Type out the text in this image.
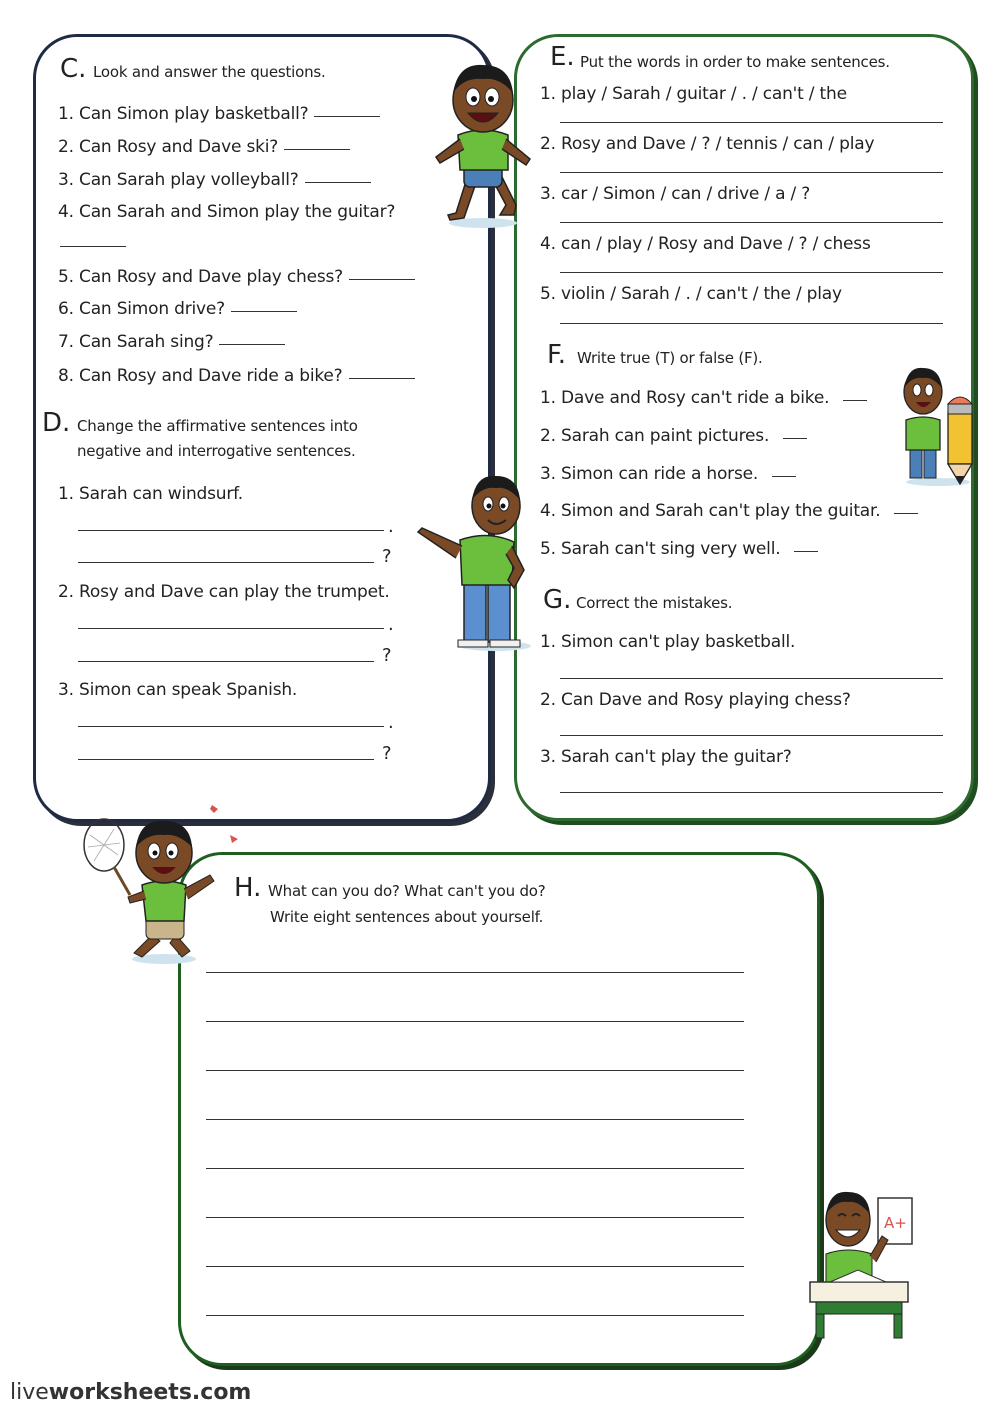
C. Look and answer the questions.
1. Can Simon play basketball?
2. Can Rosy and Dave ski?
3. Can Sarah play volleyball?
4. Can Sarah and Simon play the guitar?
5. Can Rosy and Dave play chess?
6. Can Simon drive?
7. Can Sarah sing?
8. Can Rosy and Dave ride a bike?
D. Change the affirmative sentences into
negative and interrogative sentences.
1. Sarah can windsurf.
.
?
2. Rosy and Dave can play the trumpet.
.
?
3. Simon can speak Spanish.
.
?
E. Put the words in order to make sentences.
1. play / Sarah / guitar / . / can't / the
2. Rosy and Dave / ? / tennis / can / play
3. car / Simon / can / drive / a / ?
4. can / play / Rosy and Dave / ? / chess
5. violin / Sarah / . / can't / the / play
F. Write true (T) or false (F).
1. Dave and Rosy can't ride a bike.
2. Sarah can paint pictures.
3. Simon can ride a horse.
4. Simon and Sarah can't play the guitar.
5. Sarah can't sing very well.
G. Correct the mistakes.
1. Simon can't play basketball.
2. Can Dave and Rosy playing chess?
3. Sarah can't play the guitar?
H. What can you do? What can't you do?
Write eight sentences about yourself.
A+
liveworksheets.com
